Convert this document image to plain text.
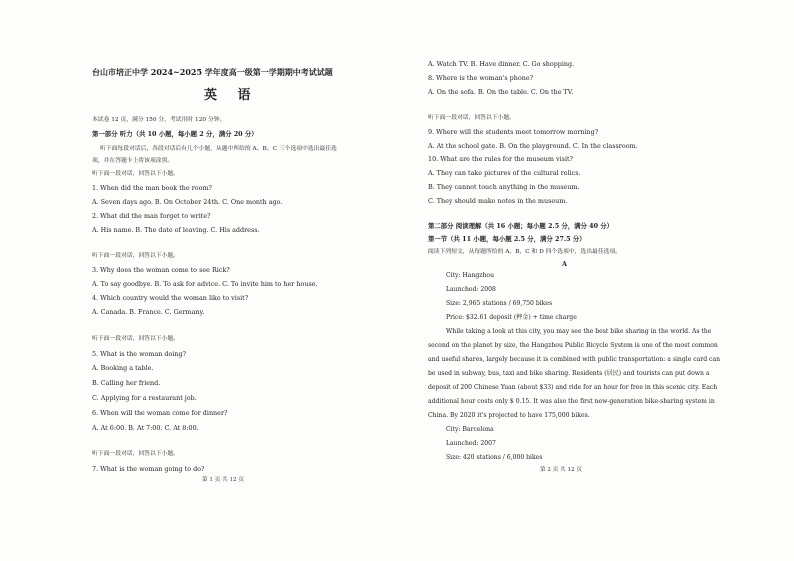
台山市培正中学 2024~2025 学年度高一级第一学期期中考试试题
英 语
本试卷 12 页，满分 150 分，考试用时 120 分钟。
第一部分 听力（共 10 小题，每小题 2 分，满分 20 分）
听下面每段对话后，各段对话后有几个小题，从题中所给的 A、B、C 三个选项中选出最佳选
项，并在答题卡上将该项涂黑。
听下面一段对话，回答以下小题。
1. When did the man book the room?
A. Seven days ago. B. On October 24th. C. One month ago.
2. What did the man forget to write?
A. His name. B. The date of leaving. C. His address.
听下面一段对话，回答以下小题。
3. Why does the woman come to see Rick?
A. To say goodbye. B. To ask for advice. C. To invite him to her house.
4. Which country would the woman like to visit?
A. Canada. B. France. C. Germany.
听下面一段对话，回答以下小题。
5. What is the woman doing?
A. Booking a table.
B. Calling her friend.
C. Applying for a restaurant job.
6. When will the woman come for dinner?
A. At 6:00. B. At 7:00. C. At 8:00.
听下面一段对话，回答以下小题。
7. What is the woman going to do?
第 1 页 共 12 页
A. Watch TV. B. Have dinner. C. Go shopping.
8. Where is the woman's phone?
A. On the sofa. B. On the table. C. On the TV.
听下面一段对话，回答以下小题。
9. Where will the students meet tomorrow morning?
A. At the school gate. B. On the playground. C. In the classroom.
10. What are the rules for the museum visit?
A. They can take pictures of the cultural relics.
B. They cannot touch anything in the museum.
C. They should make notes in the museum.
第二部分 阅读理解（共 16 小题；每小题 2.5 分，满分 40 分）
第一节（共 11 小题，每小题 2.5 分，满分 27.5 分）
阅读下列短文，从每题所给的 A、B、C 和 D 四个选项中，选出最佳选项。
A
City: Hangzhou
Launched: 2008
Size: 2,965 stations / 69,750 bikes
Price: $32.61 deposit (押金) + time charge
While taking a look at this city, you may see the best bike sharing in the world. As the
second on the planet by size, the Hangzhou Public Bicycle System is one of the most common
and useful shares, largely because it is combined with public transportation: a single card can
be used in subway, bus, taxi and bike sharing. Residents (居民) and tourists can put down a
deposit of 200 Chinese Yuan (about $33) and ride for an hour for free in this scenic city. Each
additional hour costs only $ 0.15. It was also the first new-generation bike-sharing system in
China. By 2020 it's projected to have 175,000 bikes.
City: Barcelona
Launched: 2007
Size: 420 stations / 6,000 bikes
第 2 页 共 12 页
